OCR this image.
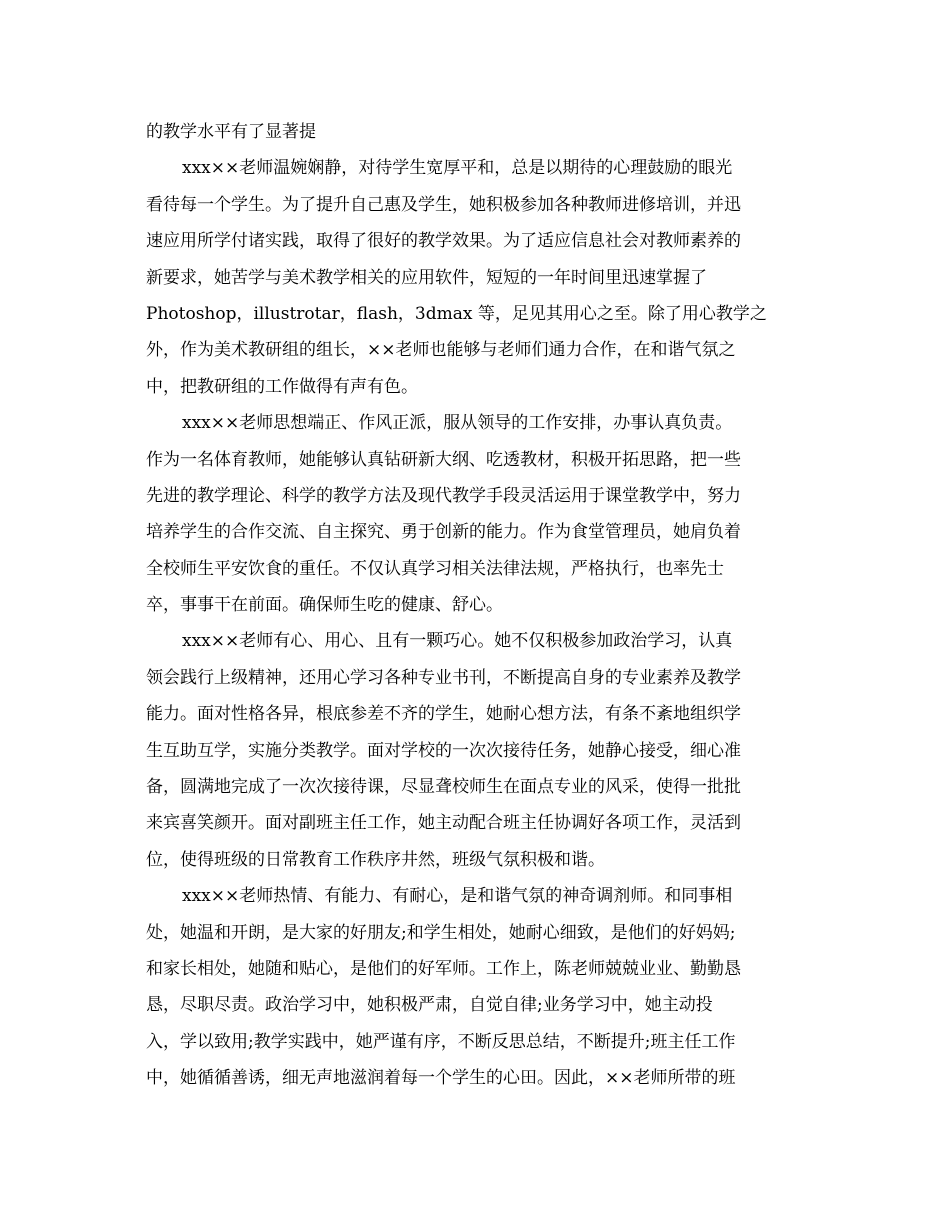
的教学水平有了显著提
xxx××老师温婉娴静，对待学生宽厚平和，总是以期待的心理鼓励的眼光
看待每一个学生。为了提升自己惠及学生，她积极参加各种教师进修培训，并迅
速应用所学付诸实践，取得了很好的教学效果。为了适应信息社会对教师素养的
新要求，她苦学与美术教学相关的应用软件，短短的一年时间里迅速掌握了
Photoshop，illustrotar，flash，3dmax 等，足见其用心之至。除了用心教学之
外，作为美术教研组的组长，××老师也能够与老师们通力合作，在和谐气氛之
中，把教研组的工作做得有声有色。
xxx××老师思想端正、作风正派，服从领导的工作安排，办事认真负责。
作为一名体育教师，她能够认真钻研新大纲、吃透教材，积极开拓思路，把一些
先进的教学理论、科学的教学方法及现代教学手段灵活运用于课堂教学中，努力
培养学生的合作交流、自主探究、勇于创新的能力。作为食堂管理员，她肩负着
全校师生平安饮食的重任。不仅认真学习相关法律法规，严格执行，也率先士
卒，事事干在前面。确保师生吃的健康、舒心。
xxx××老师有心、用心、且有一颗巧心。她不仅积极参加政治学习，认真
领会践行上级精神，还用心学习各种专业书刊，不断提高自身的专业素养及教学
能力。面对性格各异，根底参差不齐的学生，她耐心想方法，有条不紊地组织学
生互助互学，实施分类教学。面对学校的一次次接待任务，她静心接受，细心准
备，圆满地完成了一次次接待课，尽显聋校师生在面点专业的风采，使得一批批
来宾喜笑颜开。面对副班主任工作，她主动配合班主任协调好各项工作，灵活到
位，使得班级的日常教育工作秩序井然，班级气氛积极和谐。
xxx××老师热情、有能力、有耐心，是和谐气氛的神奇调剂师。和同事相
处，她温和开朗，是大家的好朋友;和学生相处，她耐心细致，是他们的好妈妈;
和家长相处，她随和贴心，是他们的好军师。工作上，陈老师兢兢业业、勤勤恳
恳，尽职尽责。政治学习中，她积极严肃，自觉自律;业务学习中，她主动投
入，学以致用;教学实践中，她严谨有序，不断反思总结，不断提升;班主任工作
中，她循循善诱，细无声地滋润着每一个学生的心田。因此，××老师所带的班
